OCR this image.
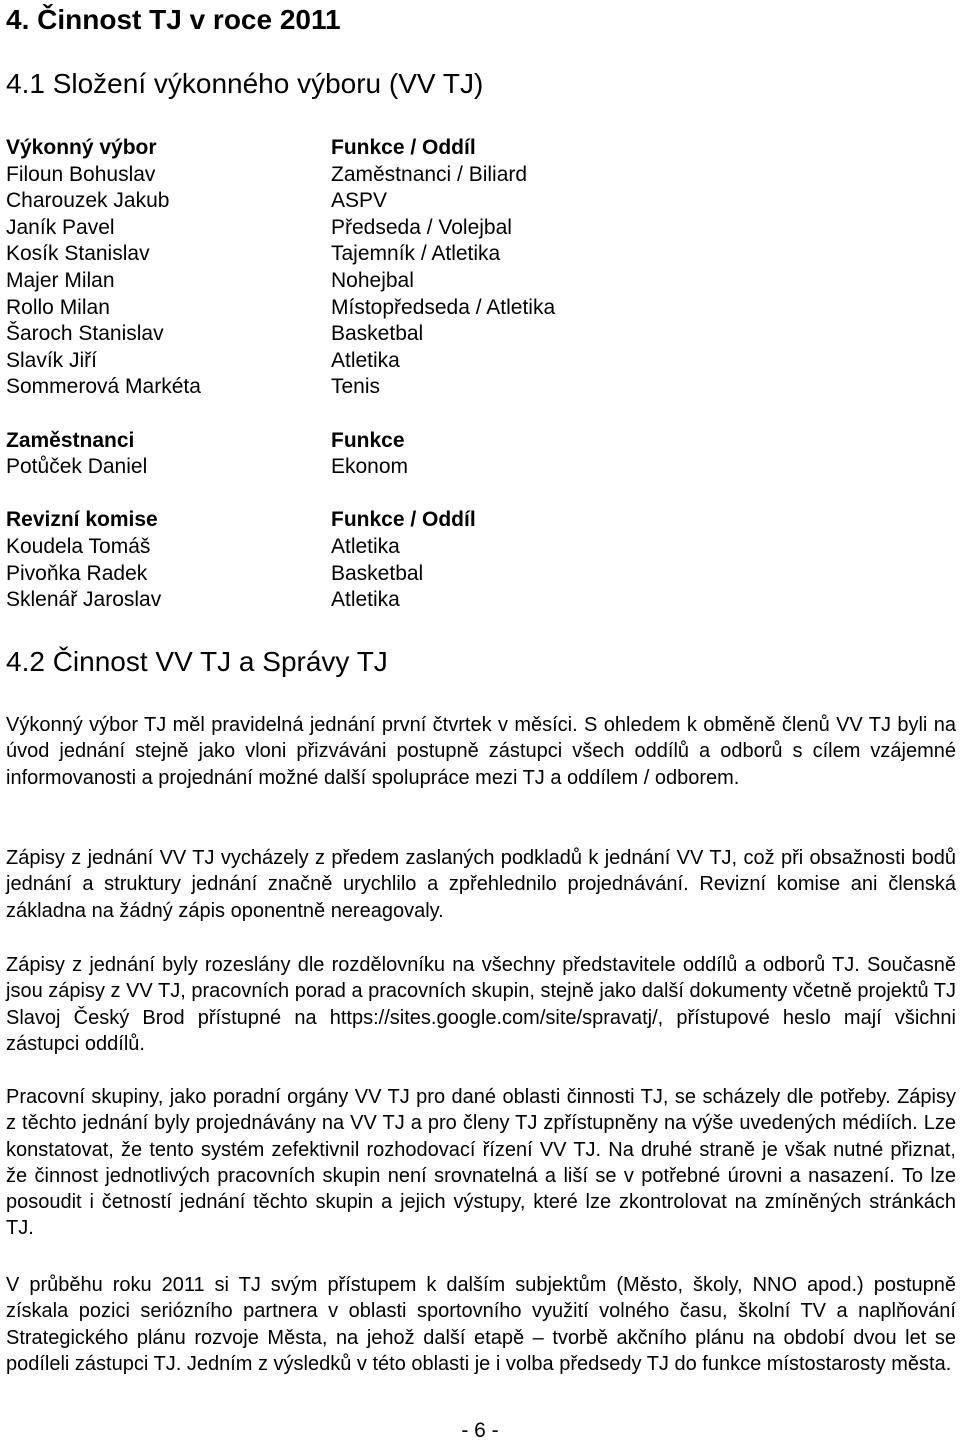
4. Činnost TJ v roce 2011
4.1 Složení výkonného výboru (VV TJ)
Výkonný výbor	Funkce / Oddíl
Filoun Bohuslav	Zaměstnanci / Biliard
Charouzek Jakub	ASPV
Janík Pavel	Předseda / Volejbal
Kosík Stanislav	Tajemník / Atletika
Majer Milan	Nohejbal
Rollo Milan	Místopředseda / Atletika
Šaroch Stanislav	Basketbal
Slavík Jiří	Atletika
Sommerová Markéta	Tenis
Zaměstnanci	Funkce
Potůček Daniel	Ekonom
Revizní komise	Funkce / Oddíl
Koudela Tomáš	Atletika
Pivoňka Radek	Basketbal
Sklenář Jaroslav	Atletika
4.2 Činnost VV TJ a Správy TJ

Výkonný výbor TJ měl pravidelná jednání první čtvrtek v měsíci. S ohledem k obměně členů VV TJ byli na úvod jednání stejně jako vloni přizváváni postupně zástupci všech oddílů a odborů s cílem vzájemné informovanosti a projednání možné další spolupráce mezi TJ a oddílem / odborem.

Zápisy z jednání VV TJ vycházely z předem zaslaných podkladů k jednání VV TJ, což při obsažnosti bodů jednání a struktury jednání značně urychlilo a zpřehlednilo projednávání. Revizní komise ani členská základna na žádný zápis oponentně nereagovaly.

Zápisy z jednání byly rozeslány dle rozdělovníku na všechny představitele oddílů a odborů TJ. Současně jsou zápisy z VV TJ, pracovních porad a pracovních skupin, stejně jako další dokumenty včetně projektů TJ Slavoj Český Brod přístupné na https://sites.google.com/site/spravatj/, přístupové heslo mají všichni zástupci oddílů.

Pracovní skupiny, jako poradní orgány VV TJ pro dané oblasti činnosti TJ, se scházely dle potřeby. Zápisy z těchto jednání byly projednávány na VV TJ a pro členy TJ zpřístupněny na výše uvedených médiích. Lze konstatovat, že tento systém zefektivnil rozhodovací řízení VV TJ. Na druhé straně je však nutné přiznat, že činnost jednotlivých pracovních skupin není srovnatelná a liší se v potřebné úrovni a nasazení. To lze posoudit i četností jednání těchto skupin a jejich výstupy, které lze zkontrolovat na zmíněných stránkách TJ.

V průběhu roku 2011 si TJ svým přístupem k dalším subjektům (Město, školy, NNO apod.) postupně získala pozici seriózního partnera v oblasti sportovního využití volného času, školní TV a naplňování Strategického plánu rozvoje Města, na jehož další etapě – tvorbě akčního plánu na období dvou let se podíleli zástupci TJ. Jedním z výsledků v této oblasti je i volba předsedy TJ do funkce místostarosty města.

- 6 -
